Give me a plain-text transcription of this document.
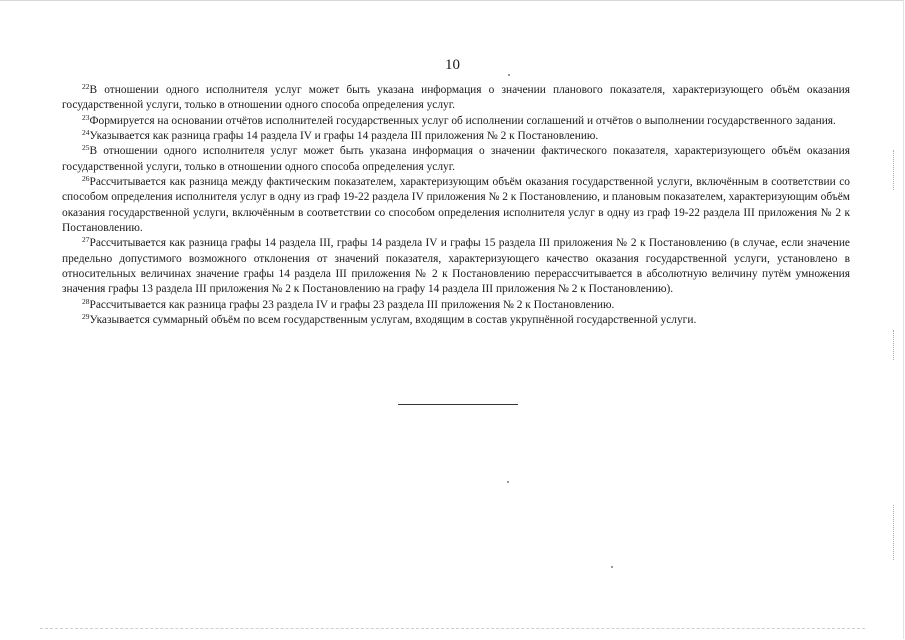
10

$^{22}$В отношении одного исполнителя услуг может быть указана информация о значении планового показателя, характеризующего объём оказания государственной услуги, только в отношении одного способа определения услуг.

$^{23}$Формируется на основании отчётов исполнителей государственных услуг об исполнении соглашений и отчётов о выполнении государственного задания.

$^{24}$Указывается как разница графы 14 раздела IV и графы 14 раздела III приложения № 2 к Постановлению.

$^{25}$В отношении одного исполнителя услуг может быть указана информация о значении фактического показателя, характеризующего объём оказания государственной услуги, только в отношении одного способа определения услуг.

$^{26}$Рассчитывается как разница между фактическим показателем, характеризующим объём оказания государственной услуги, включённым в соответствии со способом определения исполнителя услуг в одну из граф 19-22 раздела IV приложения № 2 к Постановлению, и плановым показателем, характеризующим объём оказания государственной услуги, включённым в соответствии со способом определения исполнителя услуг в одну из граф 19-22 раздела III приложения № 2 к Постановлению.

$^{27}$Рассчитывается как разница графы 14 раздела III, графы 14 раздела IV и графы 15 раздела III приложения № 2 к Постановлению (в случае, если значение предельно допустимого возможного отклонения от значений показателя, характеризующего качество оказания государственной услуги, установлено в относительных величинах значение графы 14 раздела III приложения № 2 к Постановлению перерассчитывается в абсолютную величину путём умножения значения графы 13 раздела III приложения № 2 к Постановлению на графу 14 раздела III приложения № 2 к Постановлению).

$^{28}$Рассчитывается как разница графы 23 раздела IV и графы 23 раздела III приложения № 2 к Постановлению.

$^{29}$Указывается суммарный объём по всем государственным услугам, входящим в состав укрупнённой государственной услуги.
